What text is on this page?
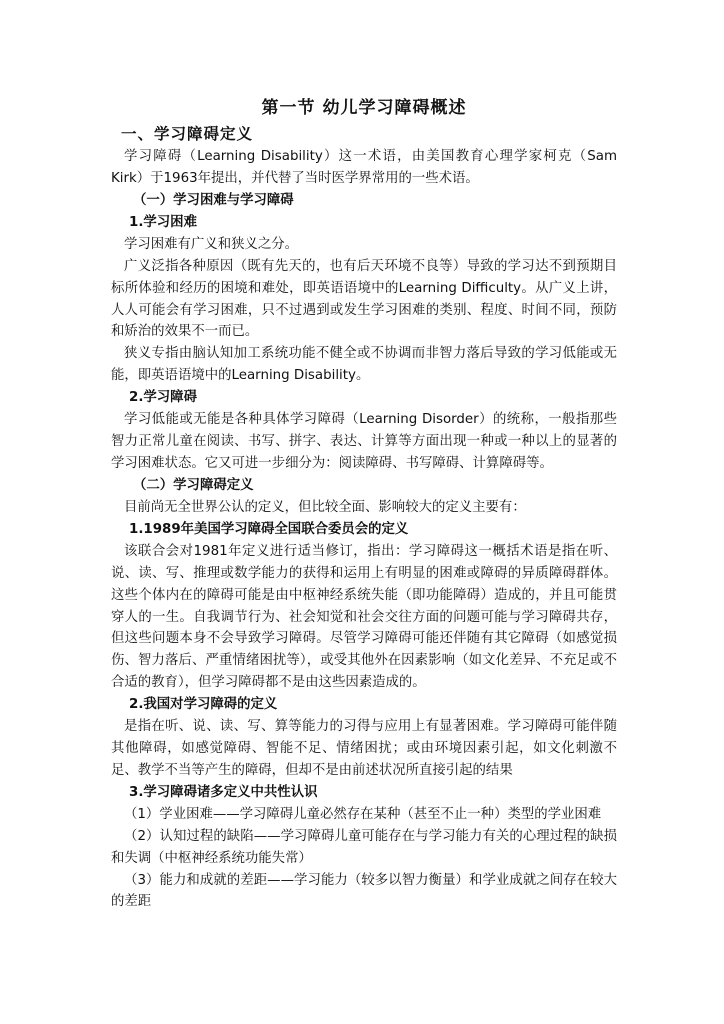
第一节 幼儿学习障碍概述
一、学习障碍定义

学习障碍（Learning Disability）这一术语，由美国教育心理学家柯克（Sam Kirk）于1963年提出，并代替了当时医学界常用的一些术语。

（一）学习困难与学习障碍
1.学习困难

学习困难有广义和狭义之分。

广义泛指各种原因（既有先天的，也有后天环境不良等）导致的学习达不到预期目标所体验和经历的困境和难处，即英语语境中的Learning Difficulty。从广义上讲，人人可能会有学习困难，只不过遇到或发生学习困难的类别、程度、时间不同，预防和矫治的效果不一而已。

狭义专指由脑认知加工系统功能不健全或不协调而非智力落后导致的学习低能或无能，即英语语境中的Learning Disability。

2.学习障碍

学习低能或无能是各种具体学习障碍（Learning Disorder）的统称，一般指那些智力正常儿童在阅读、书写、拼字、表达、计算等方面出现一种或一种以上的显著的学习困难状态。它又可进一步细分为：阅读障碍、书写障碍、计算障碍等。

（二）学习障碍定义

目前尚无全世界公认的定义，但比较全面、影响较大的定义主要有：

1.1989年美国学习障碍全国联合委员会的定义

该联合会对1981年定义进行适当修订，指出：学习障碍这一概括术语是指在听、说、读、写、推理或数学能力的获得和运用上有明显的困难或障碍的异质障碍群体。这些个体内在的障碍可能是由中枢神经系统失能（即功能障碍）造成的，并且可能贯穿人的一生。自我调节行为、社会知觉和社会交往方面的问题可能与学习障碍共存，但这些问题本身不会导致学习障碍。尽管学习障碍可能还伴随有其它障碍（如感觉损伤、智力落后、严重情绪困扰等），或受其他外在因素影响（如文化差异、不充足或不合适的教育），但学习障碍都不是由这些因素造成的。

2.我国对学习障碍的定义

是指在听、说、读、写、算等能力的习得与应用上有显著困难。学习障碍可能伴随其他障碍，如感觉障碍、智能不足、情绪困扰；或由环境因素引起，如文化刺激不足、教学不当等产生的障碍，但却不是由前述状况所直接引起的结果

3.学习障碍诸多定义中共性认识

（1）学业困难——学习障碍儿童必然存在某种（甚至不止一种）类型的学业困难

（2）认知过程的缺陷——学习障碍儿童可能存在与学习能力有关的心理过程的缺损和失调（中枢神经系统功能失常）

（3）能力和成就的差距——学习能力（较多以智力衡量）和学业成就之间存在较大的差距
